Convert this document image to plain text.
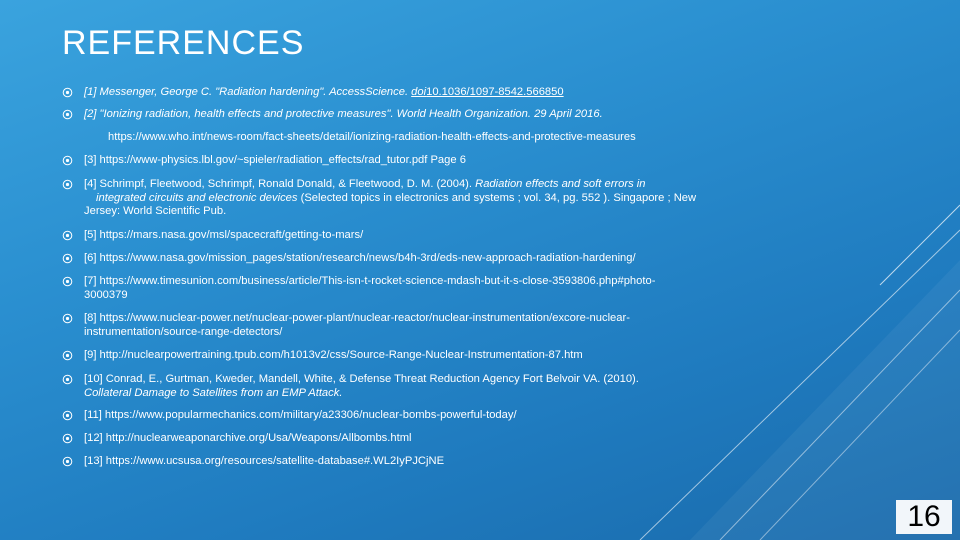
REFERENCES
[1] Messenger, George C. "Radiation hardening". AccessScience. doi10.1036/1097-8542.566850
[2] "Ionizing radiation, health effects and protective measures". World Health Organization. 29 April 2016.
https://www.who.int/news-room/fact-sheets/detail/ionizing-radiation-health-effects-and-protective-measures
[3] https://www-physics.lbl.gov/~spieler/radiation_effects/rad_tutor.pdf Page 6
[4] Schrimpf, Fleetwood, Schrimpf, Ronald Donald, & Fleetwood, D. M. (2004). Radiation effects and soft errors in
integrated circuits and electronic devices (Selected topics in electronics and systems ; vol. 34, pg. 552 ). Singapore ; New
Jersey: World Scientific Pub.
[5] https://mars.nasa.gov/msl/spacecraft/getting-to-mars/
[6] https://www.nasa.gov/mission_pages/station/research/news/b4h-3rd/eds-new-approach-radiation-hardening/
[7] https://www.timesunion.com/business/article/This-isn-t-rocket-science-mdash-but-it-s-close-3593806.php#photo-
3000379
[8] https://www.nuclear-power.net/nuclear-power-plant/nuclear-reactor/nuclear-instrumentation/excore-nuclear-
instrumentation/source-range-detectors/
[9] http://nuclearpowertraining.tpub.com/h1013v2/css/Source-Range-Nuclear-Instrumentation-87.htm
[10] Conrad, E., Gurtman, Kweder, Mandell, White, & Defense Threat Reduction Agency Fort Belvoir VA. (2010).
Collateral Damage to Satellites from an EMP Attack.
[11] https://www.popularmechanics.com/military/a23306/nuclear-bombs-powerful-today/
[12] http://nuclearweaponarchive.org/Usa/Weapons/Allbombs.html
[13] https://www.ucsusa.org/resources/satellite-database#.WL2IyPJCjNE
16
